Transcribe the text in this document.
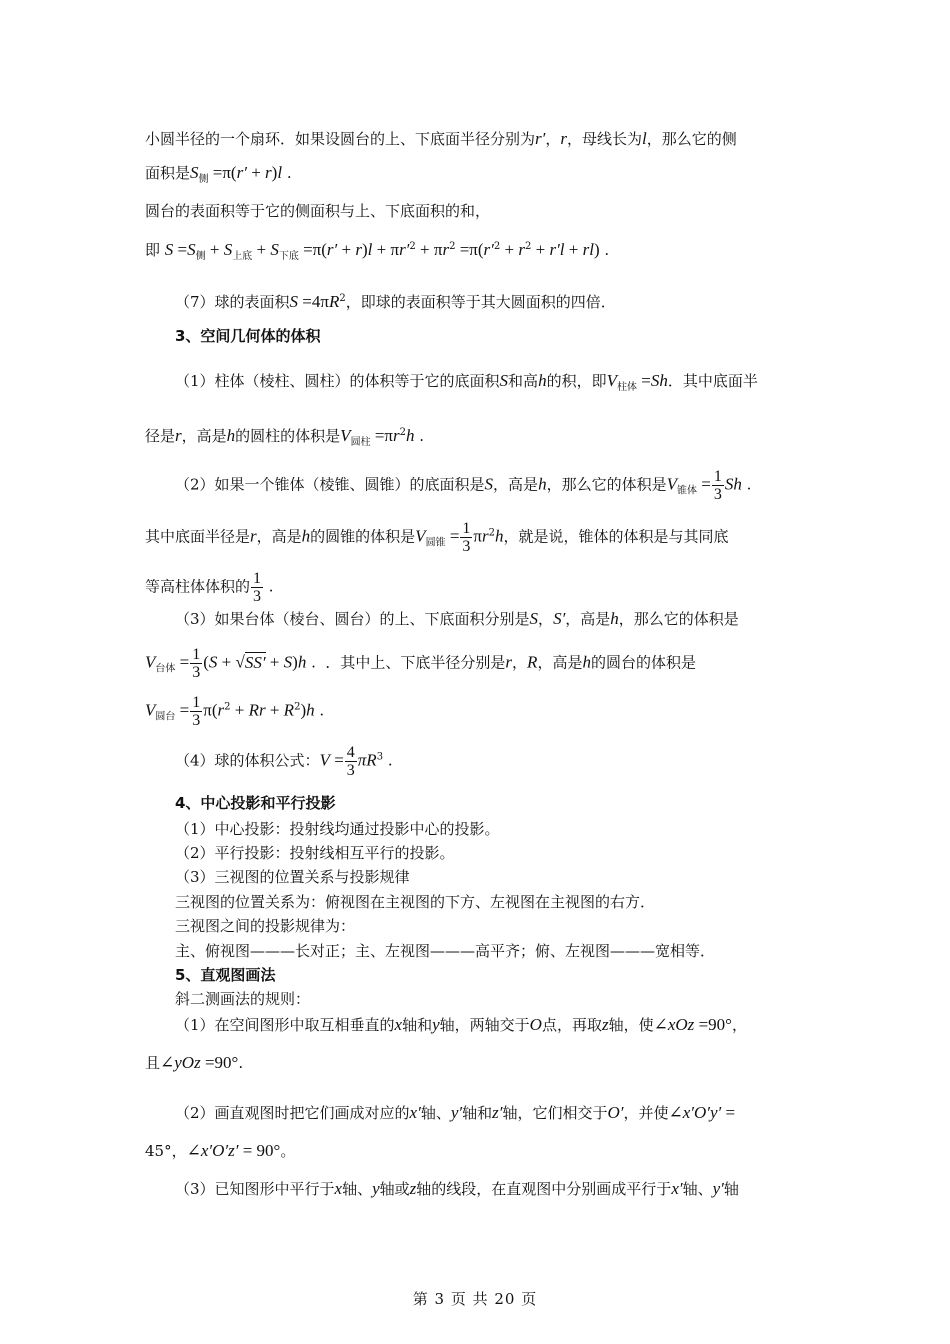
小圆半径的一个扇环．如果设圆台的上、下底面半径分别为r′，r，母线长为l，那么它的侧
面积是$S_侧 =\pi(r' + r)l$ .
圆台的表面积等于它的侧面积与上、下底面积的和，
即 $S =S_侧 + S_{上底} + S_{下底} =\pi(r' + r)l + \pi r'^2 + \pi r^2 =\pi(r'^2 + r^2 + r'l + rl)$ .
（7）球的表面积$S =4\pi R^2$，即球的表面积等于其大圆面积的四倍．
3、空间几何体的体积
（1）柱体（棱柱、圆柱）的体积等于它的底面积S和高h的积，即$V_{柱体} =Sh$．其中底面半
径是r，高是h的圆柱的体积是$V_{圆柱} =\pi r^2h$ .
（2）如果一个锥体（棱锥、圆锥）的底面积是S，高是h，那么它的体积是$V_{锥体} = \frac{1}{3}$ Sh .
其中底面半径是r，高是h的圆锥的体积是$V_{圆锥} = \frac{1}{3} \pi r^2h$，就是说，锥体的体积是与其同底
等高柱体体积的 $\frac{1}{3}$ .
（3）如果台体（棱台、圆台）的上、下底面积分别是S，S′，高是h，那么它的体积是
$V_{台体} = \frac{1}{3} (S + √SS' + S)h$ .  ．其中上、下底半径分别是r，R，高是h的圆台的体积是
$V_{圆台} = \frac{1}{3} \pi(r^2 + Rr + R^2)h$ .
（4）球的体积公式：$V = \frac{4}{3} \pi R^3$ .
4、中心投影和平行投影
（1）中心投影：投射线均通过投影中心的投影。
（2）平行投影：投射线相互平行的投影。
（3）三视图的位置关系与投影规律
三视图的位置关系为：俯视图在主视图的下方、左视图在主视图的右方．
三视图之间的投影规律为：
主、俯视图———长对正；主、左视图———高平齐；俯、左视图———宽相等．
5、直观图画法
斜二测画法的规则：
（1）在空间图形中取互相垂直的x轴和y轴，两轴交于O点，再取z轴，使∠xOz =90°，
且∠yOz =90°.
（2）画直观图时把它们画成对应的x′轴、y′轴和z′轴，它们相交于O′，并使∠x′O′y′ =
45°，∠x′O′z′ = 90°。
（3）已知图形中平行于x轴、y轴或z轴的线段，在直观图中分别画成平行于x′轴、y′轴
第 3 页 共 20 页
